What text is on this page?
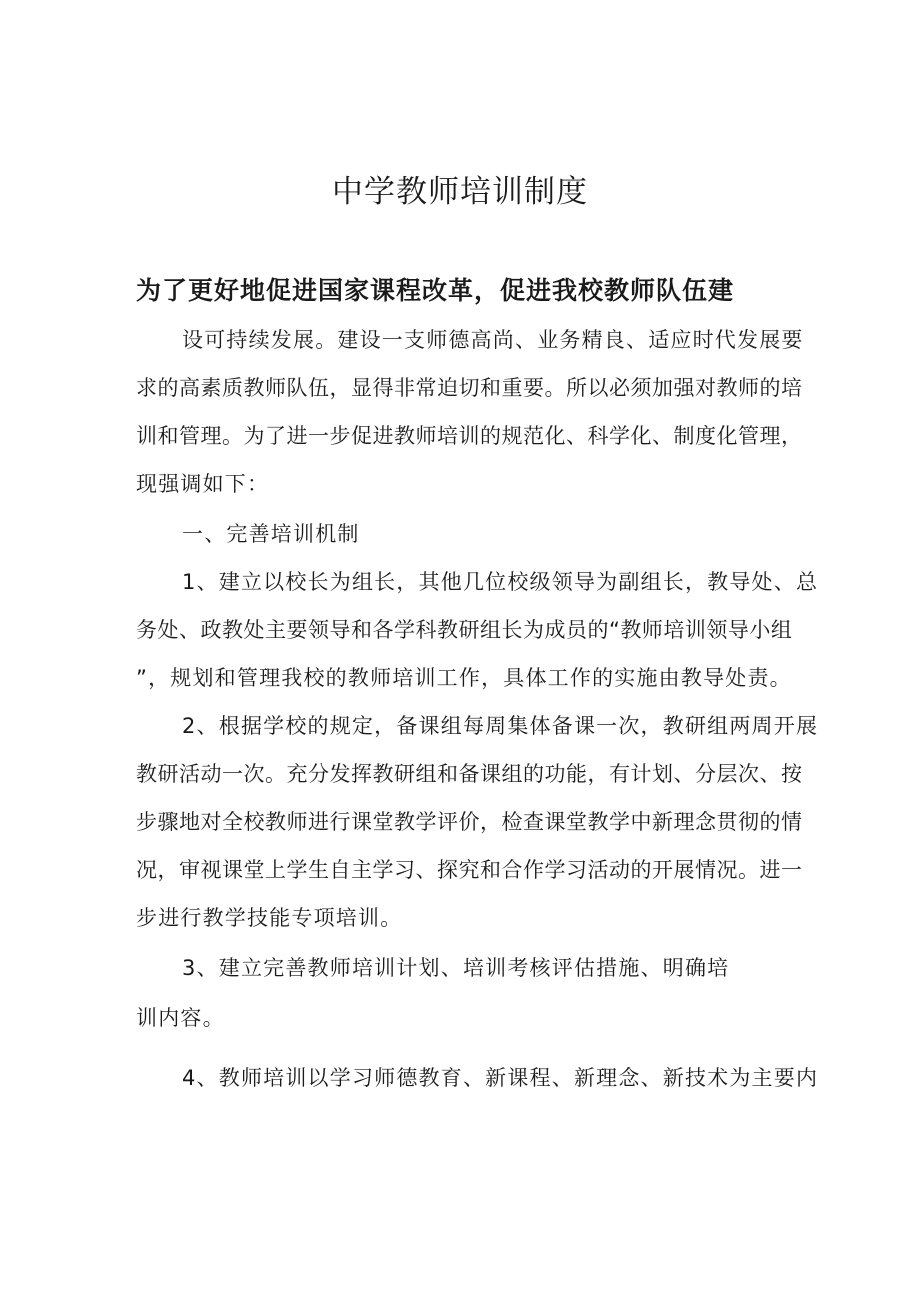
中学教师培训制度
为了更好地促进国家课程改革，促进我校教师队伍建
设可持续发展。建设一支师德高尚、业务精良、适应时代发展要
求的高素质教师队伍，显得非常迫切和重要。所以必须加强对教师的培
训和管理。为了进一步促进教师培训的规范化、科学化、制度化管理，
现强调如下：
一、完善培训机制
1、建立以校长为组长，其他几位校级领导为副组长，教导处、总
务处、政教处主要领导和各学科教研组长为成员的“教师培训领导小组
”，规划和管理我校的教师培训工作，具体工作的实施由教导处责。
2、根据学校的规定，备课组每周集体备课一次，教研组两周开展
教研活动一次。充分发挥教研组和备课组的功能，有计划、分层次、按
步骤地对全校教师进行课堂教学评价，检查课堂教学中新理念贯彻的情
况，审视课堂上学生自主学习、探究和合作学习活动的开展情况。进一
步进行教学技能专项培训。
3、建立完善教师培训计划、培训考核评估措施、明确培
训内容。
4、教师培训以学习师德教育、新课程、新理念、新技术为主要内
